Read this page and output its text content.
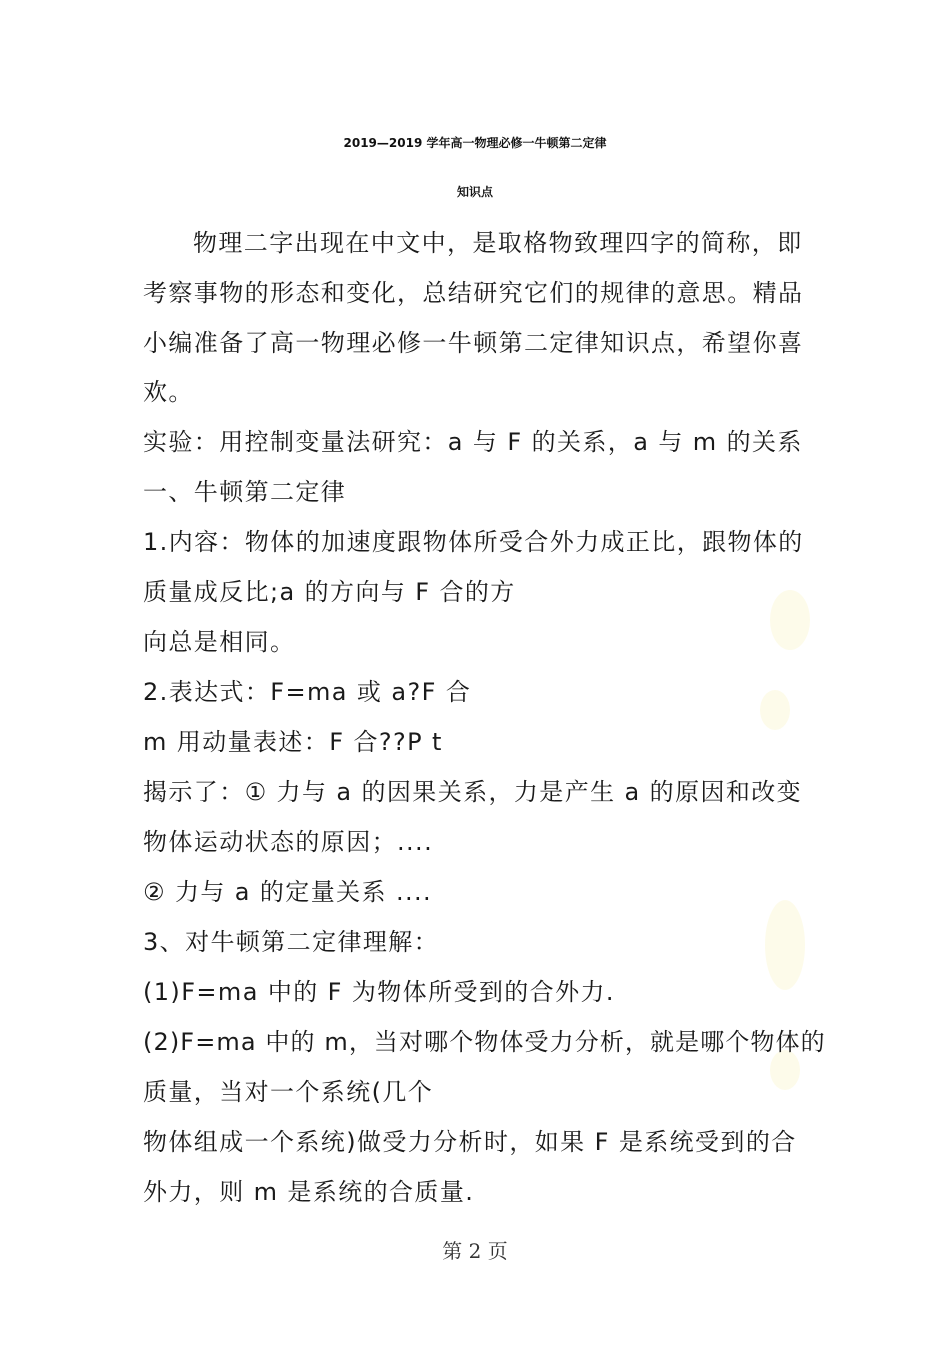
2019—2019 学年高一物理必修一牛顿第二定律
知识点
物理二字出现在中文中，是取格物致理四字的简称，即
考察事物的形态和变化，总结研究它们的规律的意思。精品
小编准备了高一物理必修一牛顿第二定律知识点，希望你喜
欢。
实验：用控制变量法研究：a 与 F 的关系，a 与 m 的关系
一、牛顿第二定律
1.内容：物体的加速度跟物体所受合外力成正比，跟物体的
质量成反比;a 的方向与 F 合的方
向总是相同。
2.表达式：F=ma 或 a?F 合
m 用动量表述：F 合??P t
揭示了：① 力与 a 的因果关系，力是产生 a 的原因和改变
物体运动状态的原因；....
② 力与 a 的定量关系 ....
3、对牛顿第二定律理解：
(1)F=ma 中的 F 为物体所受到的合外力.
(2)F=ma 中的 m，当对哪个物体受力分析，就是哪个物体的
质量，当对一个系统(几个
物体组成一个系统)做受力分析时，如果 F 是系统受到的合
外力，则 m 是系统的合质量.
第 2 页
